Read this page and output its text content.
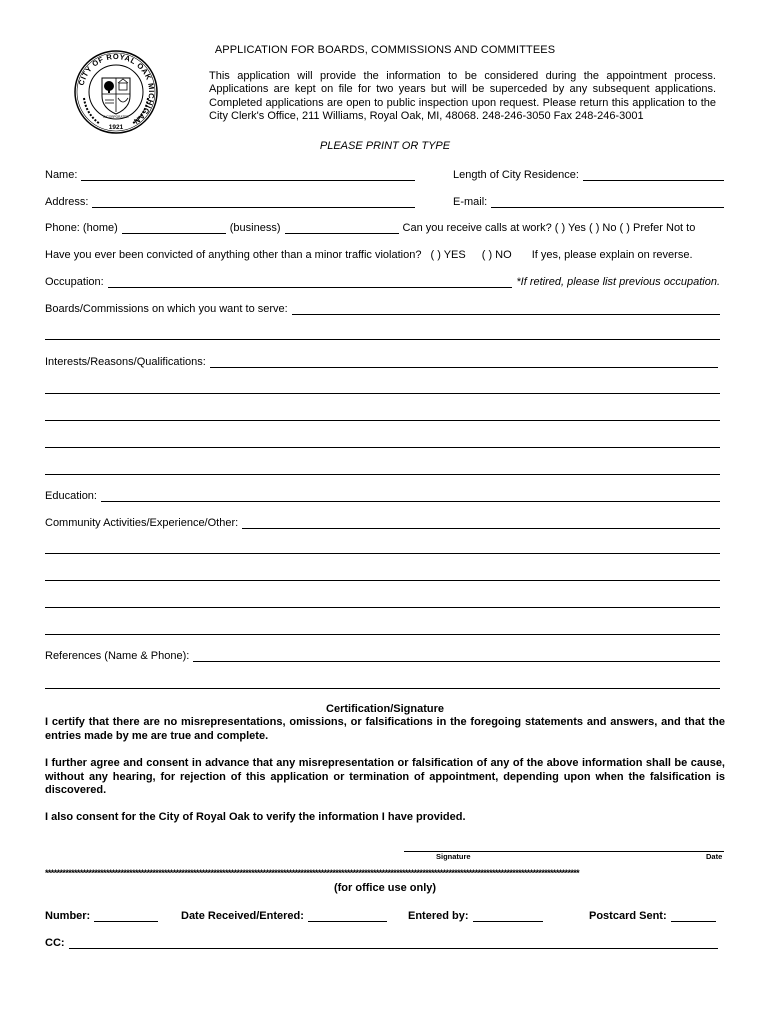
CITY OF ROYAL OAK MICHIGAN
1921
INCORPORATED
APPLICATION FOR BOARDS, COMMISSIONS AND COMMITTEES
This application will provide the information to be considered during the appointment process. Applications are kept on file for two years but will be superceded by any subsequent applications. Completed applications are open to public inspection upon request. Please return this application to the City Clerk's Office, 211 Williams, Royal Oak, MI, 48068. 248-246-3050 Fax 248-246-3001
PLEASE PRINT OR TYPE
Name:	Length of City Residence:
Address:	E-mail:
Phone: (home)	(business)	Can you receive calls at work? ( ) Yes ( ) No ( ) Prefer Not to
Have you ever been convicted of anything other than a minor traffic violation? ( ) YES ( ) NO If yes, please explain on reverse.
Occupation:	*If retired, please list previous occupation.
Boards/Commissions on which you want to serve:
Interests/Reasons/Qualifications:
Education:
Community Activities/Experience/Other:
References (Name & Phone):
Certification/Signature
I certify that there are no misrepresentations, omissions, or falsifications in the foregoing statements and answers, and that the entries made by me are true and complete.
I further agree and consent in advance that any misrepresentation or falsification of any of the above information shall be cause, without any hearing, for rejection of this application or termination of appointment, depending upon when the falsification is discovered.
I also consent for the City of Royal Oak to verify the information I have provided.
Signature	Date
****************************************************************************************************************************************************************************************
(for office use only)
Number:	Date Received/Entered:	Entered by:	Postcard Sent:
CC:
